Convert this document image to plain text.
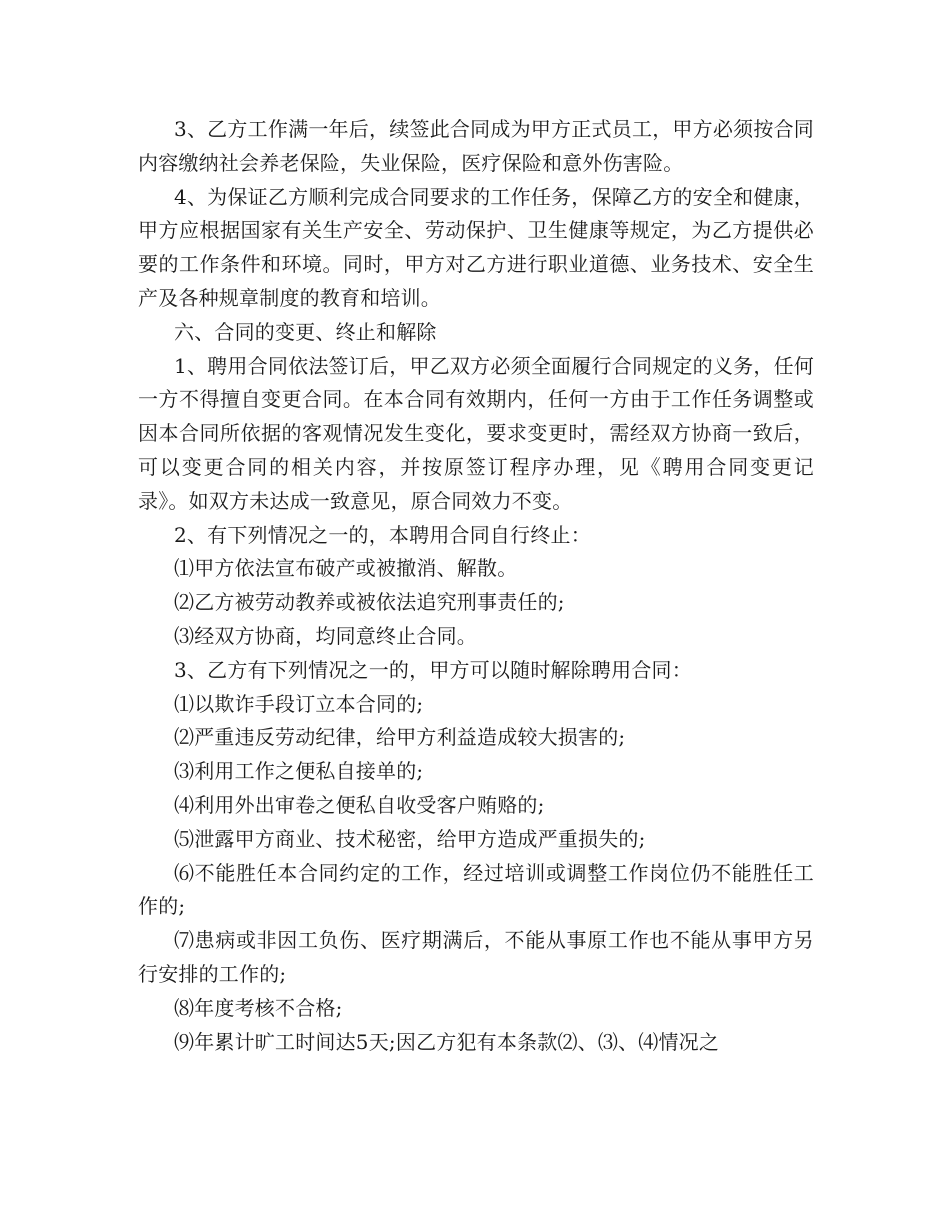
3、乙方工作满一年后，续签此合同成为甲方正式员工，甲方必须按合同内容缴纳社会养老保险，失业保险，医疗保险和意外伤害险。

4、为保证乙方顺利完成合同要求的工作任务，保障乙方的安全和健康，甲方应根据国家有关生产安全、劳动保护、卫生健康等规定，为乙方提供必要的工作条件和环境。同时，甲方对乙方进行职业道德、业务技术、安全生产及各种规章制度的教育和培训。

六、合同的变更、终止和解除

1、聘用合同依法签订后，甲乙双方必须全面履行合同规定的义务，任何一方不得擅自变更合同。在本合同有效期内，任何一方由于工作任务调整或因本合同所依据的客观情况发生变化，要求变更时，需经双方协商一致后，可以变更合同的相关内容，并按原签订程序办理，见《聘用合同变更记录》。如双方未达成一致意见，原合同效力不变。

2、有下列情况之一的，本聘用合同自行终止：

⑴甲方依法宣布破产或被撤消、解散。

⑵乙方被劳动教养或被依法追究刑事责任的;

⑶经双方协商，均同意终止合同。

3、乙方有下列情况之一的，甲方可以随时解除聘用合同：

⑴以欺诈手段订立本合同的;

⑵严重违反劳动纪律，给甲方利益造成较大损害的;

⑶利用工作之便私自接单的;

⑷利用外出审卷之便私自收受客户贿赂的;

⑸泄露甲方商业、技术秘密，给甲方造成严重损失的;

⑹不能胜任本合同约定的工作，经过培训或调整工作岗位仍不能胜任工作的;

⑺患病或非因工负伤、医疗期满后，不能从事原工作也不能从事甲方另行安排的工作的;

⑻年度考核不合格;

⑼年累计旷工时间达5天;因乙方犯有本条款⑵、⑶、⑷情况之
